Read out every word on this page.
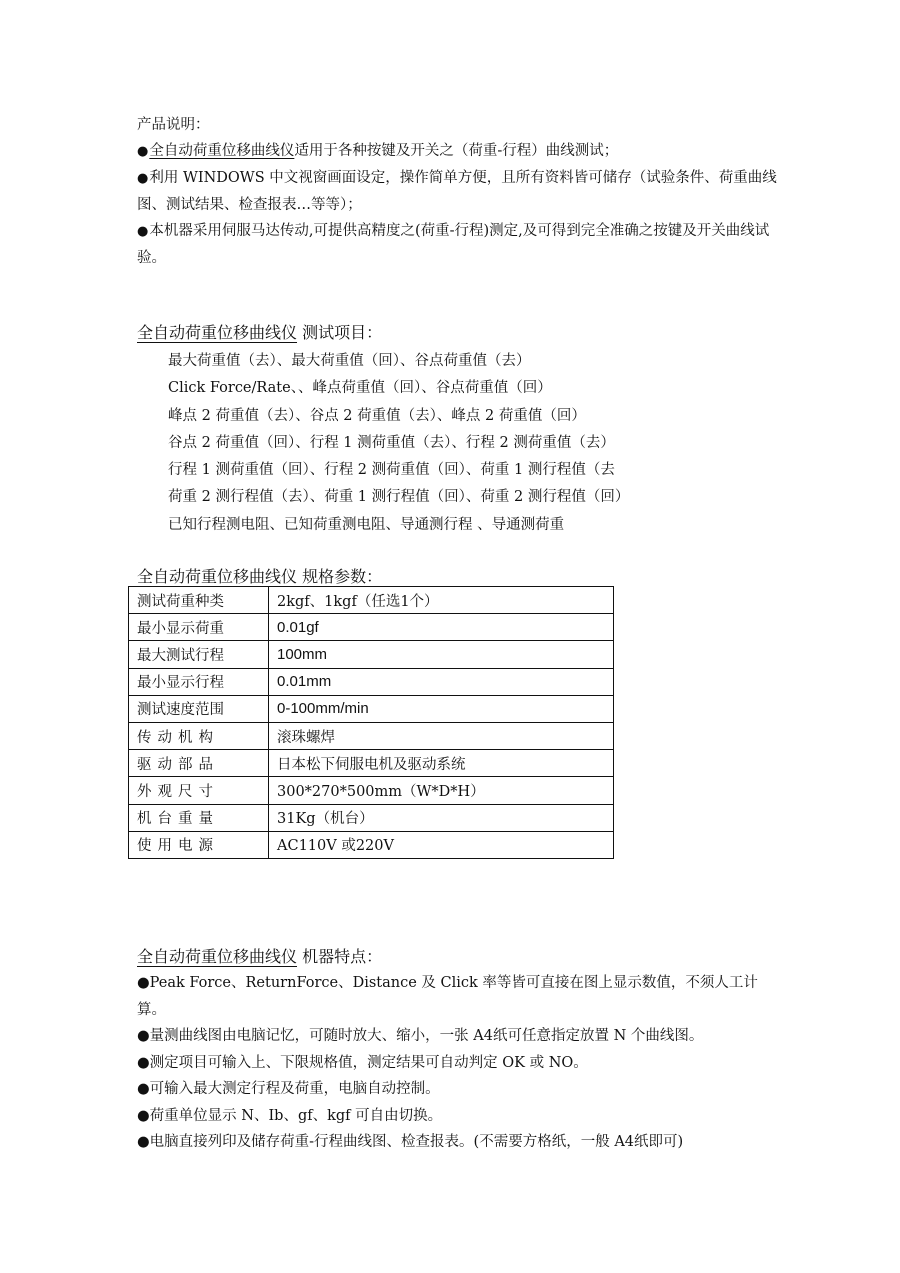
产品说明：
●全自动荷重位移曲线仪适用于各种按键及开关之（荷重-行程）曲线测试；
●利用 WINDOWS 中文视窗画面设定，操作简单方便，且所有资料皆可储存（试验条件、荷重曲线图、测试结果、检查报表…等等）；
●本机器采用伺服马达传动,可提供高精度之(荷重-行程)测定,及可得到完全准确之按键及开关曲线试验。
全自动荷重位移曲线仪 测试项目：
最大荷重值（去）、最大荷重值（回）、谷点荷重值（去）
Click Force/Rate、、峰点荷重值（回）、谷点荷重值（回）
峰点 2 荷重值（去）、谷点 2 荷重值（去）、峰点 2 荷重值（回）
谷点 2 荷重值（回）、行程 1 测荷重值（去）、行程 2 测荷重值（去）
行程 1 测荷重值（回）、行程 2 测荷重值（回）、荷重 1 测行程值（去
荷重 2 测行程值（去）、荷重 1 测行程值（回）、荷重 2 测行程值（回）
已知行程测电阻、已知荷重测电阻、导通测行程 、导通测荷重
全自动荷重位移曲线仪 规格参数：
测试荷重种类	2kgf、1kgf（任选1个）
最小显示荷重	0.01gf
最大测试行程	100mm
最小显示行程	0.01mm
测试速度范围	0-100mm/min
传动机构	滚珠螺焊
驱动部品	日本松下伺服电机及驱动系统
外观尺寸	300*270*500mm（W*D*H）
机台重量	31Kg（机台）
使用电源	AC110V 或220V
全自动荷重位移曲线仪 机器特点：
●Peak Force、ReturnForce、Distance 及 Click 率等皆可直接在图上显示数值，不须人工计算。
●量测曲线图由电脑记忆，可随时放大、缩小，一张 A4纸可任意指定放置 N 个曲线图。
●测定项目可输入上、下限规格值，测定结果可自动判定 OK 或 NO。
●可输入最大测定行程及荷重，电脑自动控制。
●荷重单位显示 N、Ib、gf、kgf 可自由切换。
●电脑直接列印及储存荷重-行程曲线图、检查报表。(不需要方格纸，一般 A4纸即可)
